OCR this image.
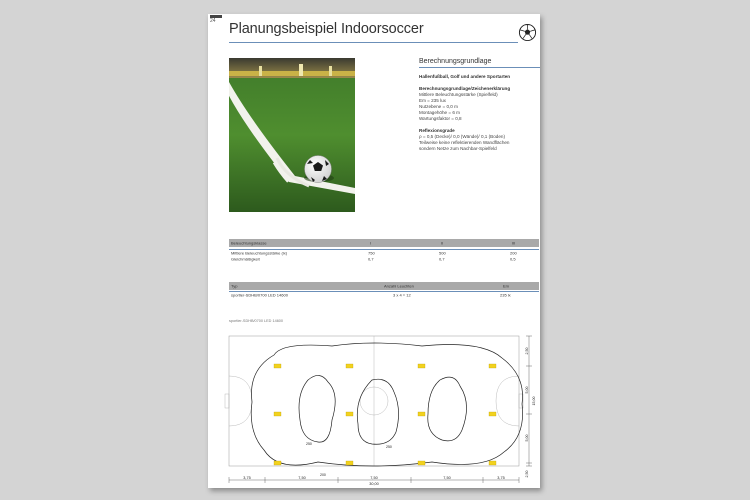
24 Planungsbeispiel Indoorsoccer
Berechnungsgrundlage
Hallenfußball, Golf und andere Sportarten
Berechnungsgrundlage/Zeichenerklärung
Mittlere Beleuchtungsstärke (Spielfeld)
Em = 235 lux
Nutzebene = 0,0 m
Montagehöhe = 6 m
Wartungsfaktor = 0,8
Reflexionsgrade
ρ = 0,5 (Decke)/ 0,0 (Wände)/ 0,1 (Boden)
Teilweise keine reflektierenden Wandflächen
sondern Netze zum Nachbar-Spielfeld
Beleuchtungsklasse	I	II	III
Mittlere Beleuchtungsstärke (lx)	750	500	200
Gleichmäßigkeit	0,7	0,7	0,5
Typ	Anzahl Leuchten	Em
sportler-SDHB/0700 LED 14600	3 x 4 = 12	235 lx
sportler-SDHB/0700 LED 14600
200
250
250
3,75	7,50	7,50	7,50	3,75
30,00
2,50
5,00
5,00
2,50
15,00
